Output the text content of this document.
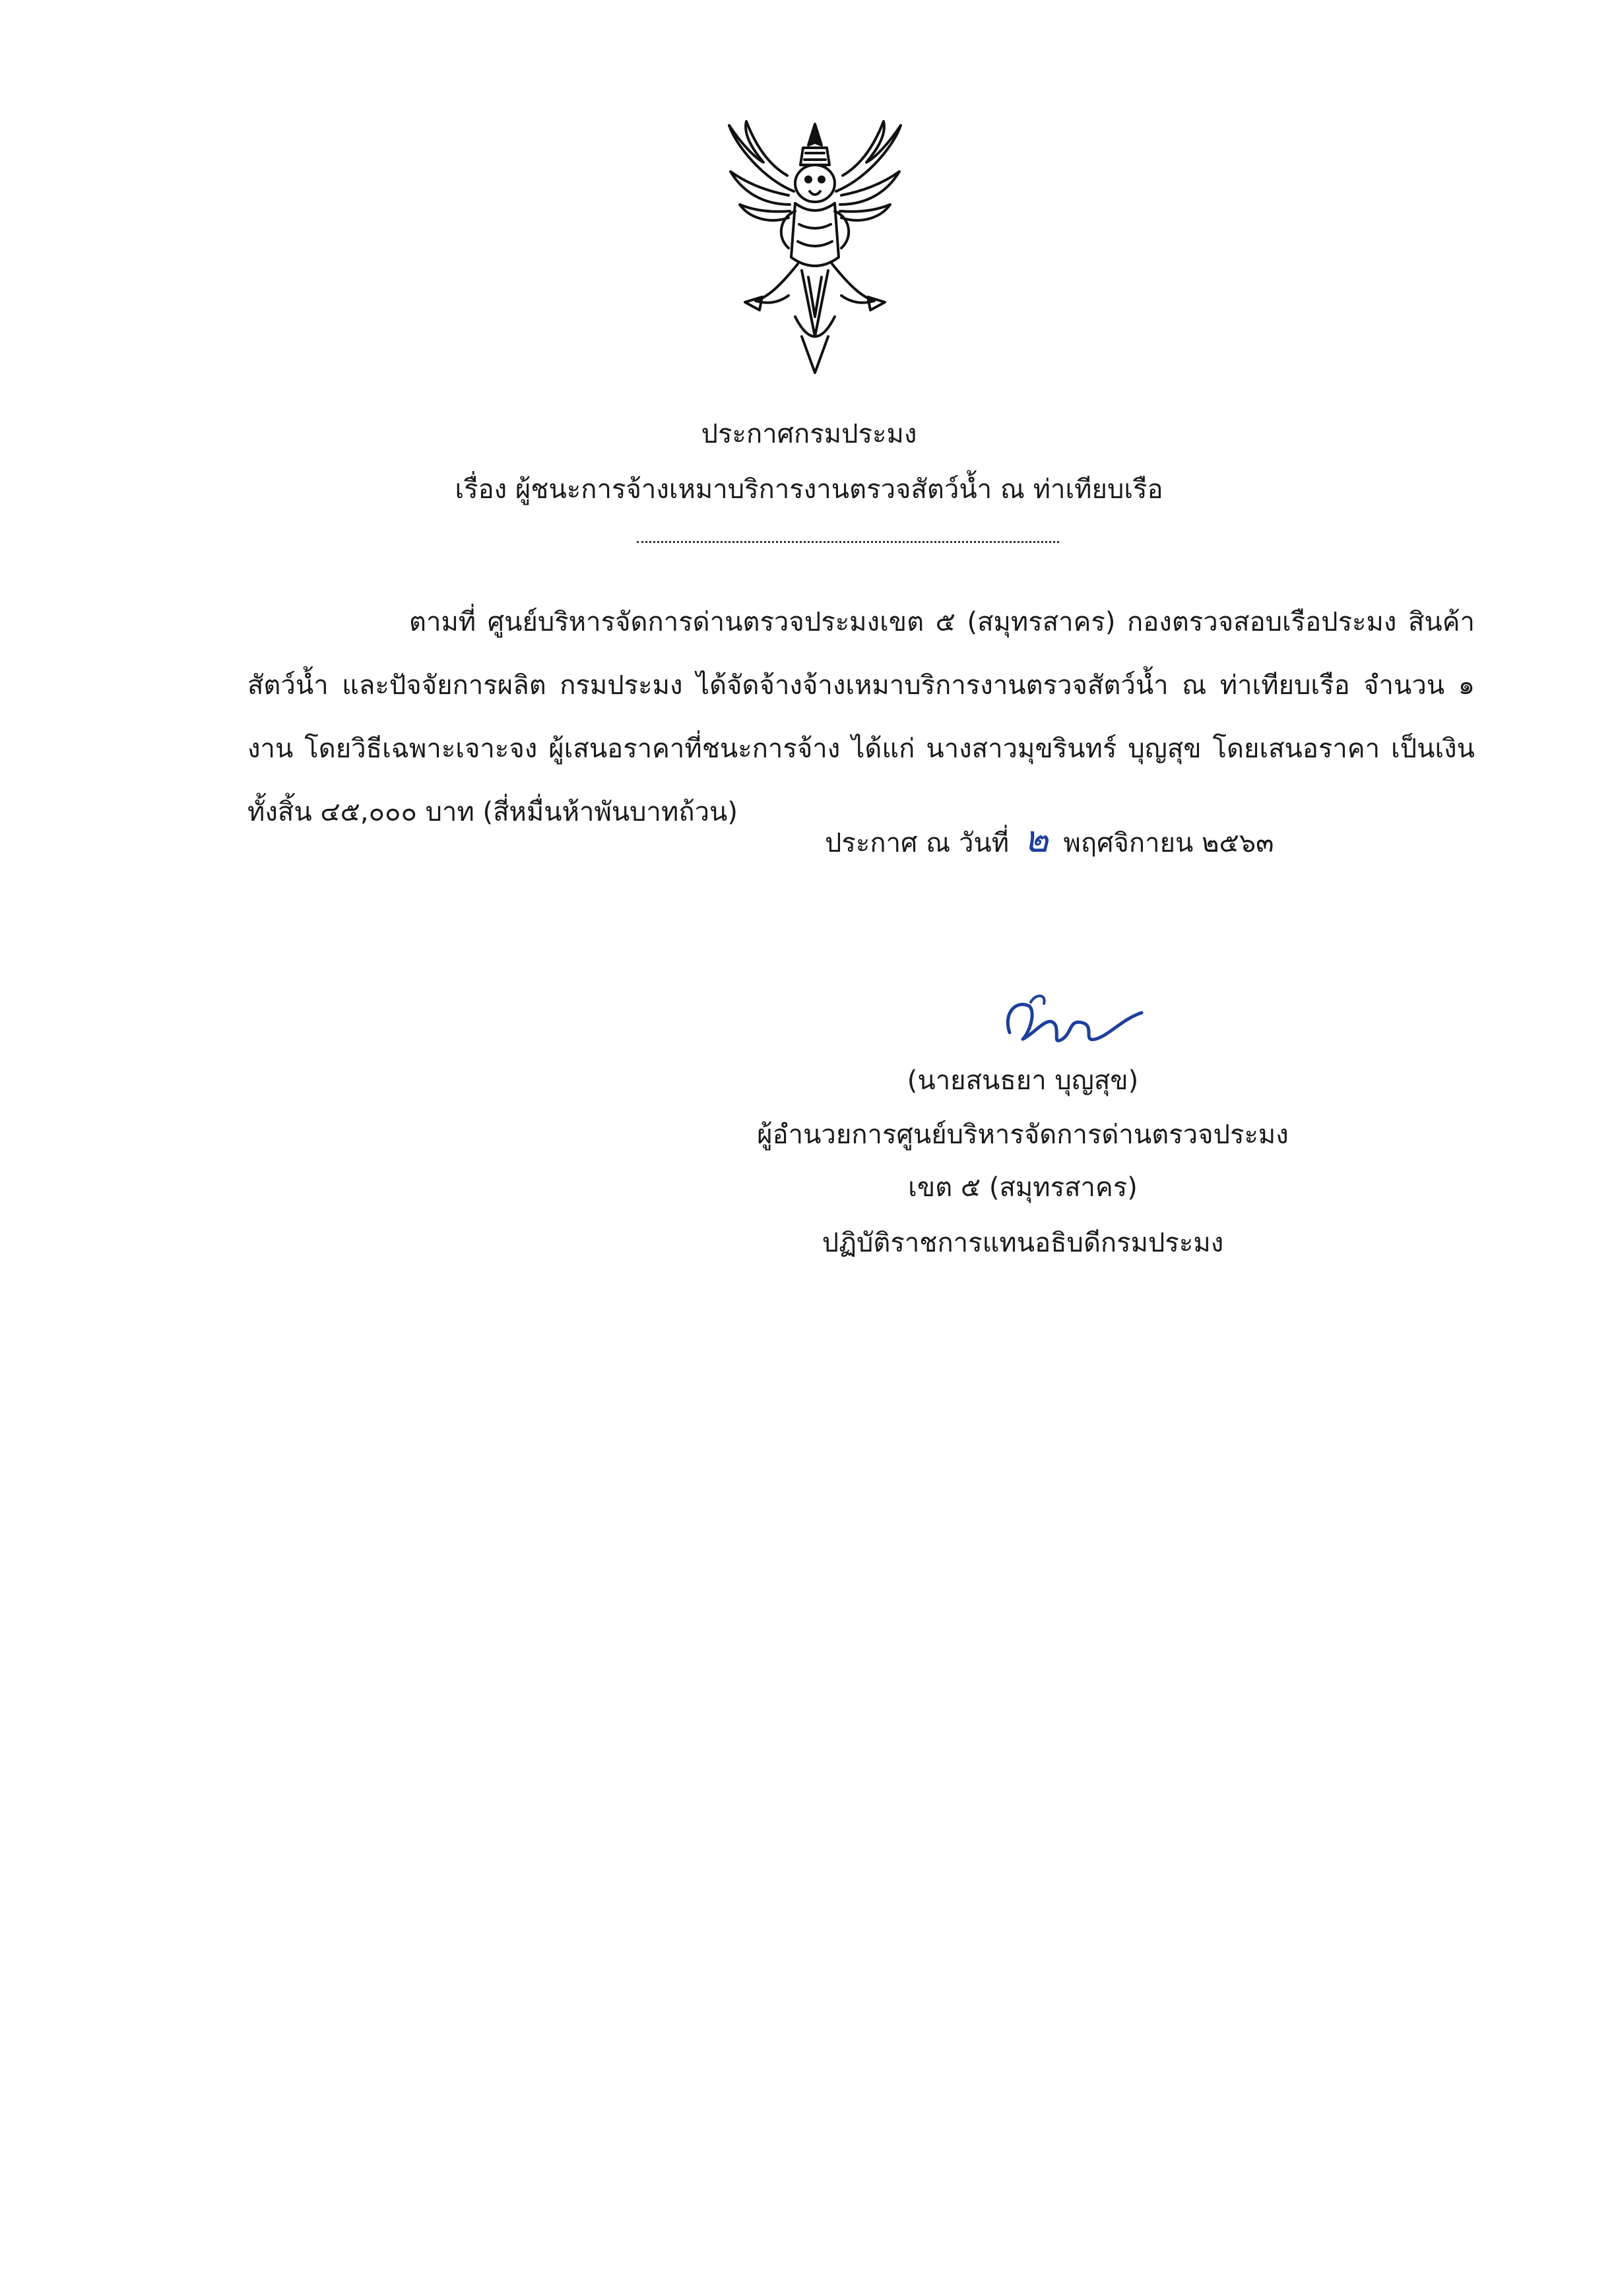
ประกาศกรมประมง
เรื่อง ผู้ชนะการจ้างเหมาบริการงานตรวจสัตว์น้ำ ณ ท่าเทียบเรือ
ตามที่ ศูนย์บริหารจัดการด่านตรวจประมงเขต ๕ (สมุทรสาคร) กองตรวจสอบเรือประมง สินค้าสัตว์น้ำ และปัจจัยการผลิต กรมประมง ได้จัดจ้างจ้างเหมาบริการงานตรวจสัตว์น้ำ ณ ท่าเทียบเรือ จำนวน ๑ งาน โดยวิธีเฉพาะเจาะจง ผู้เสนอราคาที่ชนะการจ้าง ได้แก่ นางสาวมุขรินทร์ บุญสุข โดยเสนอราคา เป็นเงินทั้งสิ้น ๔๕,๐๐๐ บาท (สี่หมื่นห้าพันบาทถ้วน)
ประกาศ ณ วันที่ ๒ พฤศจิกายน ๒๕๖๓
(นายสนธยา บุญสุข)
ผู้อำนวยการศูนย์บริหารจัดการด่านตรวจประมง
เขต ๕ (สมุทรสาคร)
ปฏิบัติราชการแทนอธิบดีกรมประมง
